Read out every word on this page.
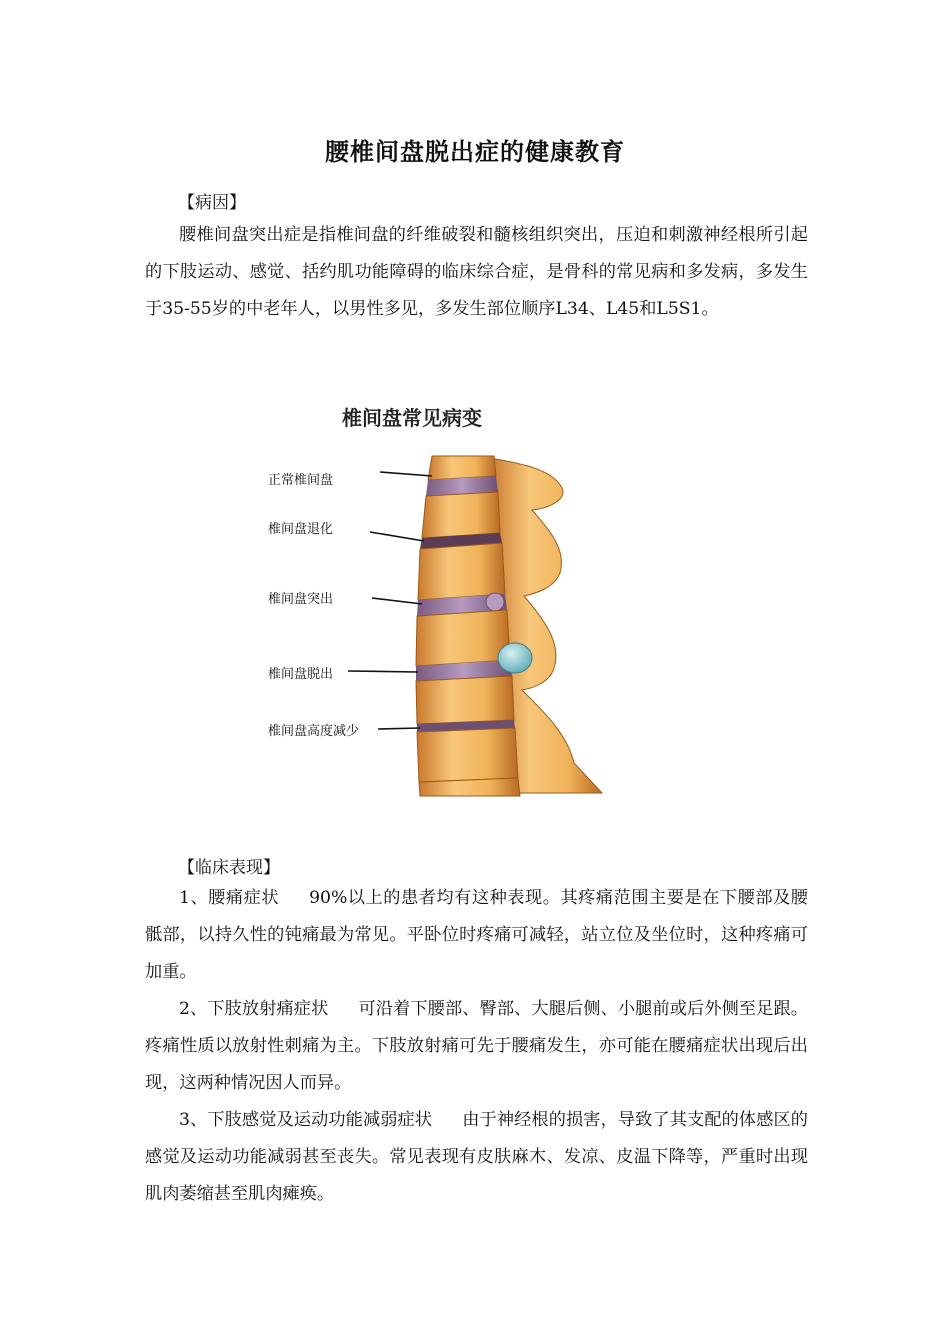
腰椎间盘脱出症的健康教育
【病因】

腰椎间盘突出症是指椎间盘的纤维破裂和髓核组织突出，压迫和刺激神经根所引起的下肢运动、感觉、括约肌功能障碍的临床综合症，是骨科的常见病和多发病，多发生于35-55岁的中老年人，以男性多见，多发生部位顺序L34、L45和L5S1。

椎间盘常见病变
正常椎间盘
椎间盘退化
椎间盘突出
椎间盘脱出
椎间盘高度减少
【临床表现】

1、腰痛症状 90%以上的患者均有这种表现。其疼痛范围主要是在下腰部及腰骶部，以持久性的钝痛最为常见。平卧位时疼痛可减轻，站立位及坐位时，这种疼痛可加重。

2、下肢放射痛症状 可沿着下腰部、臀部、大腿后侧、小腿前或后外侧至足跟。疼痛性质以放射性刺痛为主。下肢放射痛可先于腰痛发生，亦可能在腰痛症状出现后出现，这两种情况因人而异。

3、下肢感觉及运动功能减弱症状 由于神经根的损害，导致了其支配的体感区的感觉及运动功能减弱甚至丧失。常见表现有皮肤麻木、发凉、皮温下降等，严重时出现肌肉萎缩甚至肌肉瘫痪。
